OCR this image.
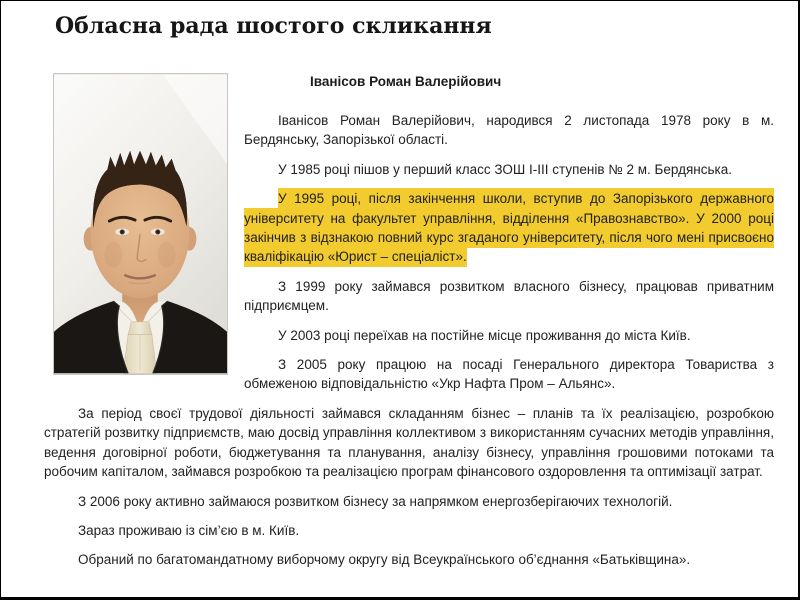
Обласна рада шостого скликання
Іванісов Роман Валерійович

Іванісов Роман Валерійович, народився 2 листопада 1978 року в м. Бердянську, Запорізької області.

У 1985 році пішов у перший класс ЗОШ І-ІІІ ступенів № 2 м. Бердянська.

У 1995 році, після закінчення школи, вступив до Запорізького державного університету на факультет управління, відділення «Правознавство». У 2000 році закінчив з відзнакою повний курс згаданого університету, після чого мені присвоєно кваліфікацію «Юрист – спеціаліст».

З 1999 року займався розвитком власного бізнесу, працював приватним підприємцем.

У 2003 році переїхав на постійне місце проживання до міста Київ.

З 2005 року працюю на посаді Генерального директора Товариства з обмеженою відповідальністю «Укр Нафта Пром – Альянс».

За період своєї трудової діяльності займався складанням бізнес – планів та їх реалізацією, розробкою стратегій розвитку підприємств, маю досвід управління коллективом з використанням сучасних методів управління, ведення договірної роботи, бюджетування та планування, аналізу бізнесу, управління грошовими потоками та робочим капіталом, займався розробкою та реалізацією програм фінансового оздоровлення та оптимізації затрат.

З 2006 року активно займаюся розвитком бізнесу за напрямком енергозберігаючих технологій.

Зараз проживаю із сім’єю в м. Київ.

Обраний по багатомандатному виборчому округу від Всеукраїнського об’єднання «Батьківщина».
